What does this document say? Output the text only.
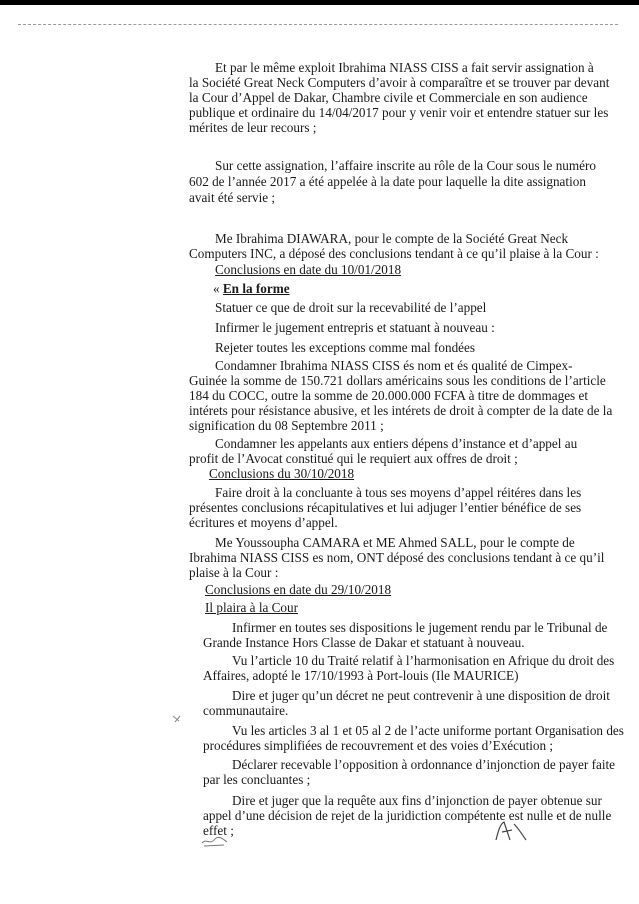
Et par le même exploit Ibrahima NIASS CISS a fait servir assignation à

la Société Great Neck Computers d’avoir à comparaître et se trouver par devant

la Cour d’Appel de Dakar, Chambre civile et Commerciale en son audience

publique et ordinaire du 14/04/2017 pour y venir voir et entendre statuer sur les

mérites de leur recours ;

Sur cette assignation, l’affaire inscrite au rôle de la Cour sous le numéro

602 de l’année 2017 a été appelée à la date pour laquelle la dite assignation

avait été servie ;

Me Ibrahima DIAWARA, pour le compte de la Société Great Neck

Computers INC, a déposé des conclusions tendant à ce qu’il plaise à la Cour :

Conclusions en date du 10/01/2018

« En la forme

Statuer ce que de droit sur la recevabilité de l’appel

Infirmer le jugement entrepris et statuant à nouveau :

Rejeter toutes les exceptions comme mal fondées

Condamner Ibrahima NIASS CISS és nom et és qualité de Cimpex-

Guinée la somme de 150.721 dollars américains sous les conditions de l’article

184 du COCC, outre la somme de 20.000.000 FCFA à titre de dommages et

intérets pour résistance abusive, et les intérets de droit à compter de la date de la

signification du 08 Septembre 2011 ;

Condamner les appelants aux entiers dépens d’instance et d’appel au

profit de l’Avocat constitué qui le requiert aux offres de droit ;

Conclusions du 30/10/2018

Faire droit à la concluante à tous ses moyens d’appel réitéres dans les

présentes conclusions récapitulatives et lui adjuger l’entier bénéfice de ses

écritures et moyens d’appel.

Me Youssoupha CAMARA et ME Ahmed SALL, pour le compte de

Ibrahima NIASS CISS es nom, ONT déposé des conclusions tendant à ce qu’il

plaise à la Cour :

Conclusions en date du 29/10/2018

Il plaira à la Cour

Infirmer en toutes ses dispositions le jugement rendu par le Tribunal de

Grande Instance Hors Classe de Dakar et statuant à nouveau.

Vu l’article 10 du Traité relatif à l’harmonisation en Afrique du droit des

Affaires, adopté le 17/10/1993 à Port-louis (Ile MAURICE)

Dire et juger qu’un décret ne peut contrevenir à une disposition de droit

communautaire.

Vu les articles 3 al 1 et 05 al 2 de l’acte uniforme portant Organisation des

procédures simplifiées de recouvrement et des voies d’Exécution ;

Déclarer recevable l’opposition à ordonnance d’injonction de payer faite

par les concluantes ;

Dire et juger que la requête aux fins d’injonction de payer obtenue sur

appel d’une décision de rejet de la juridiction compétente est nulle et de nulle

effet ;
